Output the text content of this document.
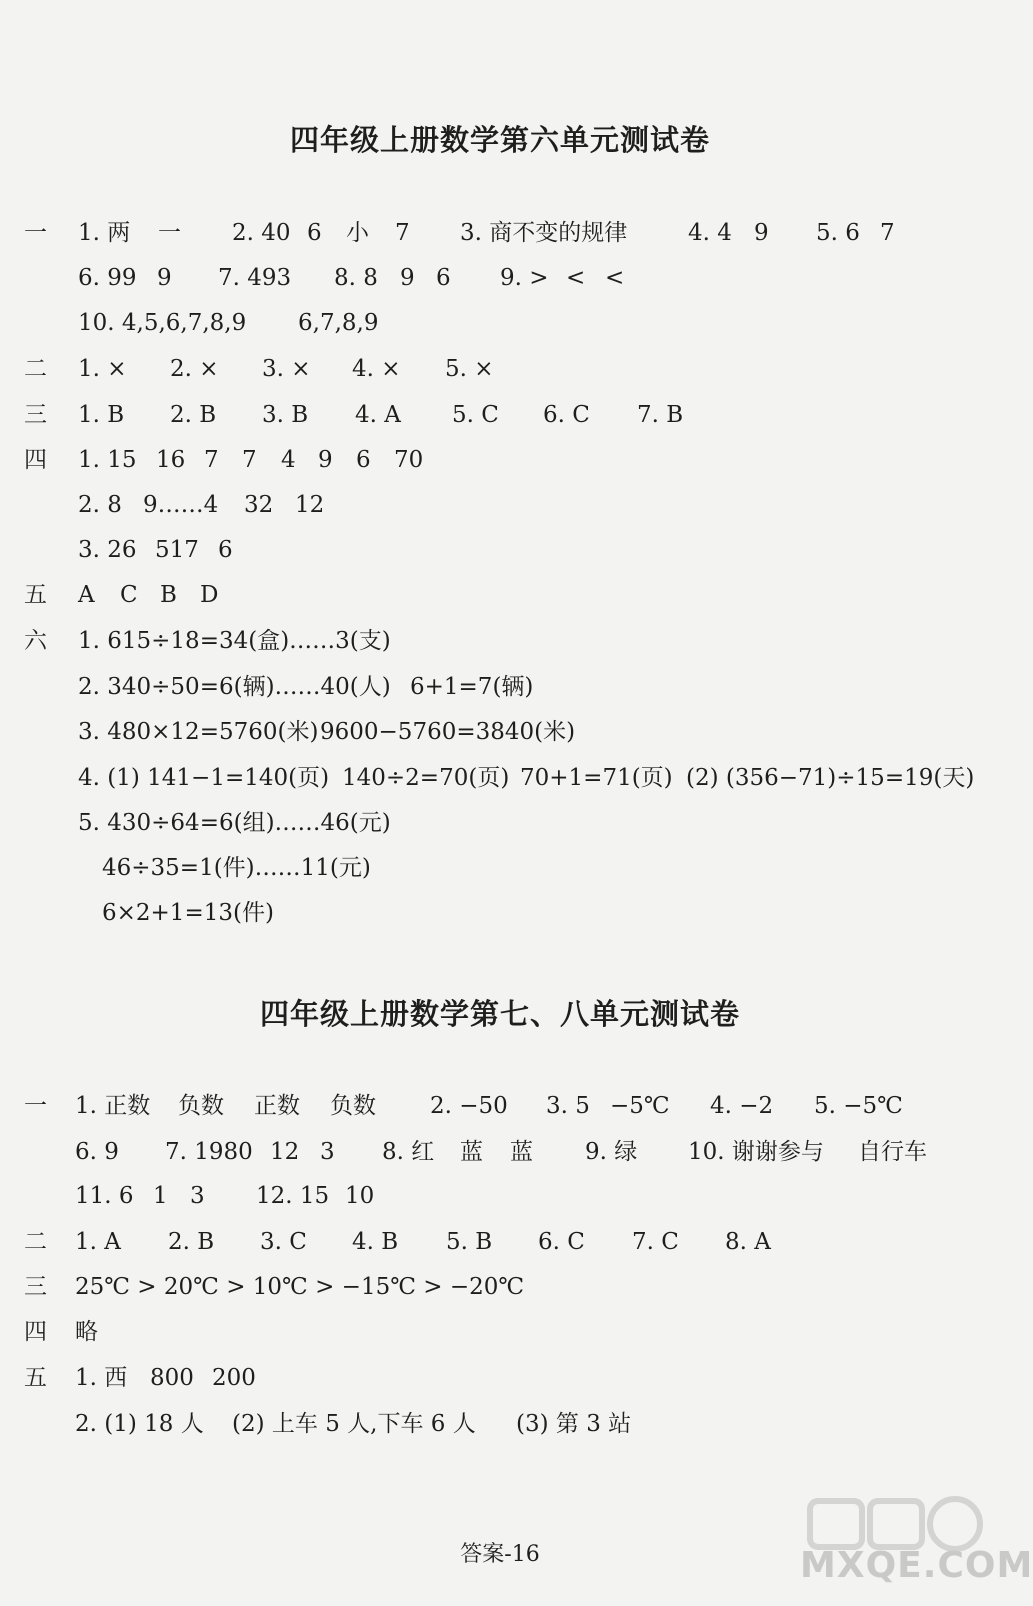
四年级上册数学第六单元测试卷
一 1. 两 一 2. 40 6 小 7 3. 商不变的规律	4. 4 9 5. 6 7
6. 99 9 7. 493 8. 8 9 6 9. > < <
10. 4,5,6,7,8,9 6,7,8,9
二 1. × 2. × 3. × 4. × 5. ×
三 1. B 2. B 3. B 4. A 5. C 6. C 7. B
四 1. 15 16 7 7 4 9 6 70
2. 8 9……4 32 12
3. 26 517 6
五 A C B D
六 1. 615÷18=34(盒)……3(支)
2. 340÷50=6(辆)……40(人) 6+1=7(辆)
3. 480×12=5760(米) 9600−5760=3840(米)
4. (1) 141−1=140(页) 140÷2=70(页) 70+1=71(页) (2) (356−71)÷15=19(天)
5. 430÷64=6(组)……46(元)
46÷35=1(件)……11(元)
6×2+1=13(件)
四年级上册数学第七、八单元测试卷
一 1. 正数 负数 正数 负数 2. −50 3. 5 −5℃ 4. −2 5. −5℃
6. 9 7. 1980 12 3 8. 红 蓝 蓝 9. 绿 10. 谢谢参与 自行车
11. 6 1 3 12. 15 10
二 1. A 2. B 3. C 4. B 5. B 6. C 7. C 8. A
三 25℃ > 20℃ > 10℃ > −15℃ > −20℃
四 略
五 1. 西 800 200
2. (1) 18 人 (2) 上车 5 人,下车 6 人 (3) 第 3 站
答案-16	MXQE.COM
